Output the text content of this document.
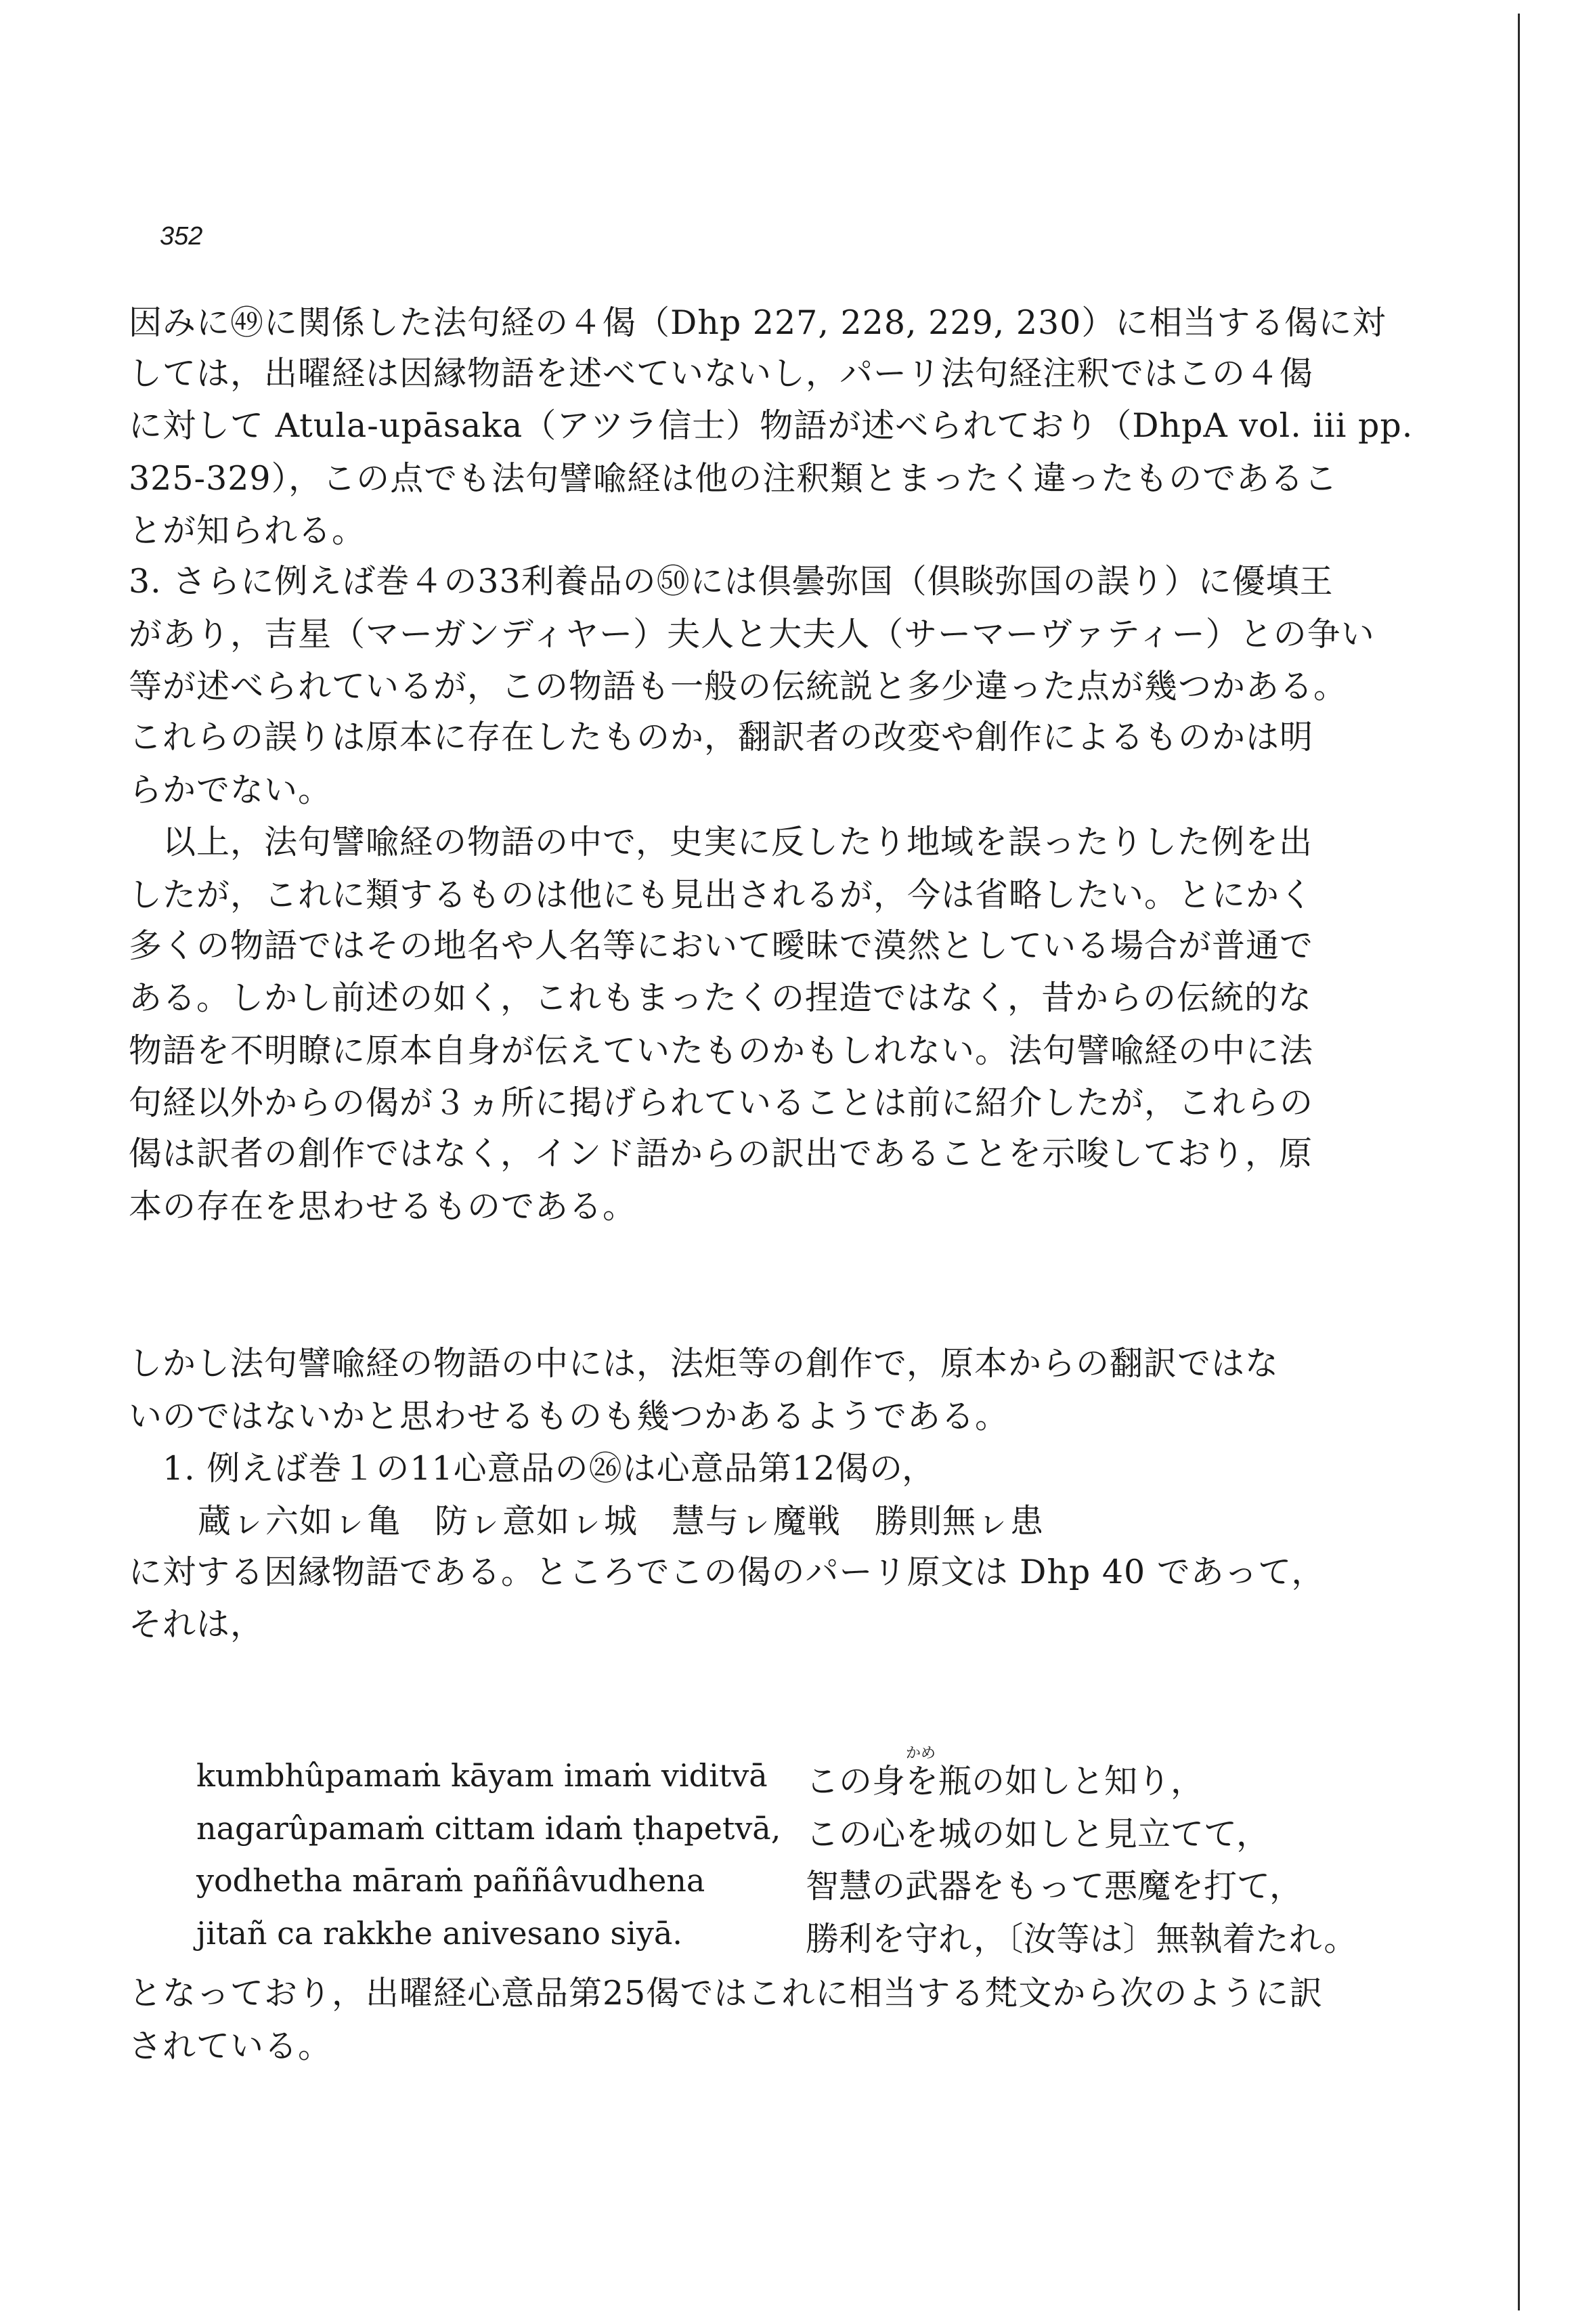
352
因みに㊾に関係した法句経の４偈（Dhp 227, 228, 229, 230）に相当する偈に対
しては，出曜経は因縁物語を述べていないし，パーリ法句経注釈ではこの４偈
に対して Atula-upāsaka（アツラ信士）物語が述べられており（DhpA vol. iii pp.
325-329），この点でも法句譬喩経は他の注釈類とまったく違ったものであるこ
とが知られる。
3. さらに例えば巻４の33利養品の㊿には倶曇弥国（倶睒弥国の誤り）に優填王
があり，吉星（マーガンディヤー）夫人と大夫人（サーマーヴァティー）との争い
等が述べられているが，この物語も一般の伝統説と多少違った点が幾つかある。
これらの誤りは原本に存在したものか，翻訳者の改変や創作によるものかは明
らかでない。
以上，法句譬喩経の物語の中で，史実に反したり地域を誤ったりした例を出
したが，これに類するものは他にも見出されるが，今は省略したい。とにかく
多くの物語ではその地名や人名等において曖昧で漠然としている場合が普通で
ある。しかし前述の如く，これもまったくの捏造ではなく，昔からの伝統的な
物語を不明瞭に原本自身が伝えていたものかもしれない。法句譬喩経の中に法
句経以外からの偈が３ヵ所に掲げられていることは前に紹介したが，これらの
偈は訳者の創作ではなく，インド語からの訳出であることを示唆しており，原
本の存在を思わせるものである。
しかし法句譬喩経の物語の中には，法炬等の創作で，原本からの翻訳ではな
いのではないかと思わせるものも幾つかあるようである。
1. 例えば巻１の11心意品の㉖は心意品第12偈の，
蔵ㇾ六如ㇾ亀　防ㇾ意如ㇾ城　慧与ㇾ魔戦　勝則無ㇾ患
に対する因縁物語である。ところでこの偈のパーリ原文は Dhp 40 であって，
それは，
かめ
kumbhûpamaṁ kāyam imaṁ viditvā この身を瓶の如しと知り，
nagarûpamaṁ cittam idaṁ ṭhapetvā, この心を城の如しと見立てて，
yodhetha māraṁ paññâvudhena	智慧の武器をもって悪魔を打て，
jitañ ca rakkhe anivesano siyā.	勝利を守れ，〔汝等は〕無執着たれ。
となっており，出曜経心意品第25偈ではこれに相当する梵文から次のように訳
されている。
